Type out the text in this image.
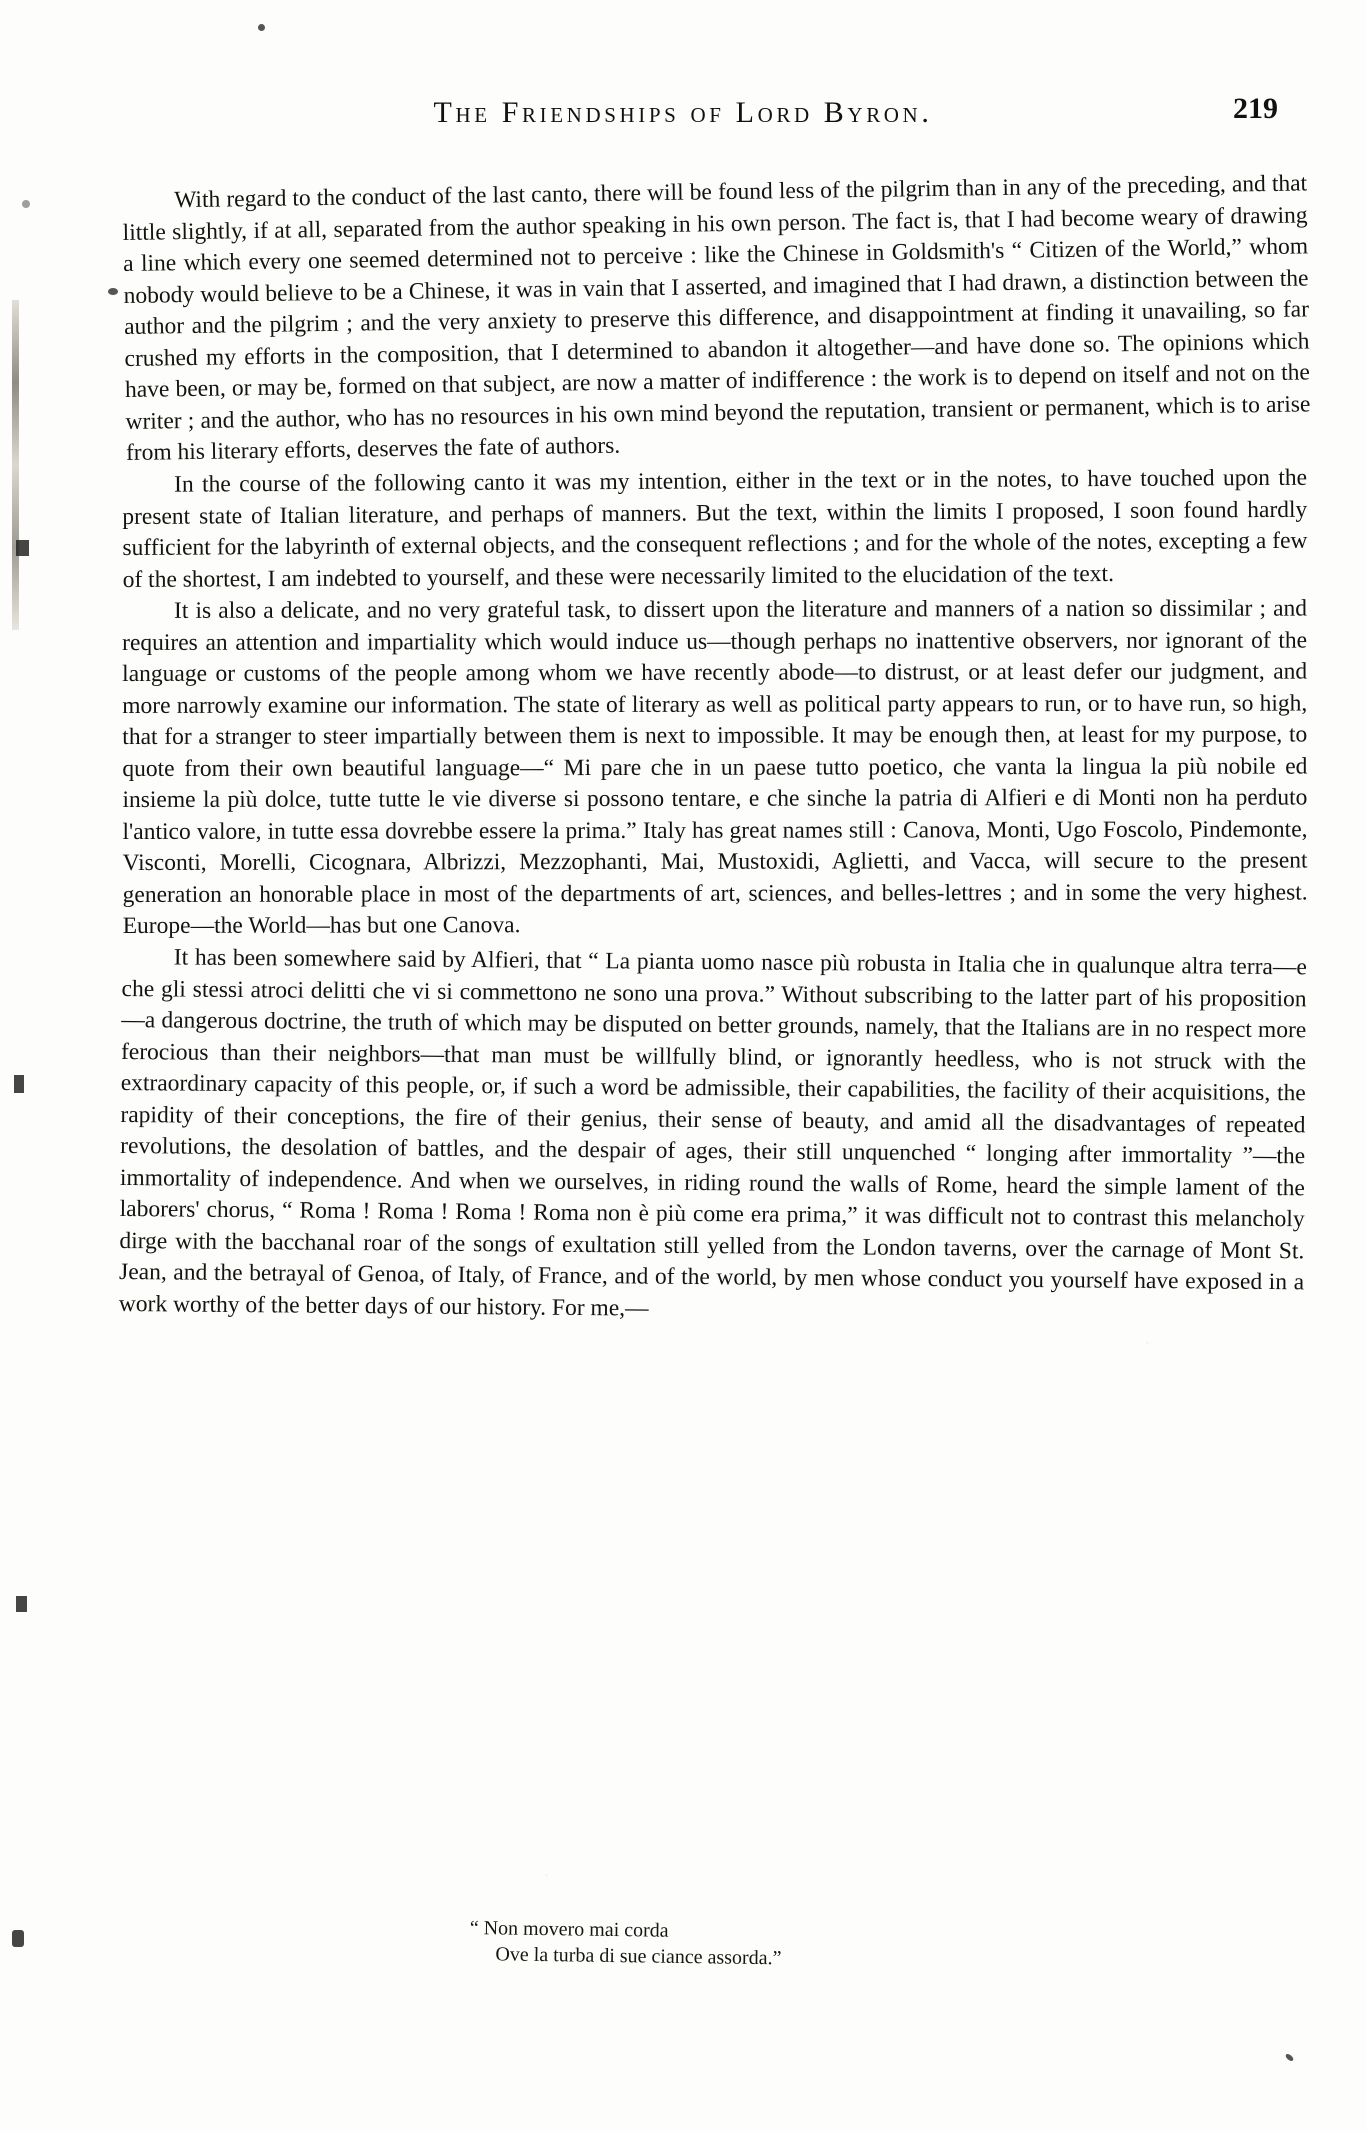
The Friendships of Lord Byron.	219

With regard to the conduct of the last canto, there will be found less of the pilgrim than in any of the preceding, and that little slightly, if at all, separated from the author speaking in his own person. The fact is, that I had become weary of drawing a line which every one seemed determined not to perceive : like the Chinese in Goldsmith's “ Citizen of the World,” whom nobody would believe to be a Chinese, it was in vain that I asserted, and imagined that I had drawn, a distinction between the author and the pilgrim ; and the very anxiety to preserve this difference, and disappointment at finding it unavailing, so far crushed my efforts in the composition, that I determined to abandon it altogether—and have done so. The opinions which have been, or may be, formed on that subject, are now a matter of indifference : the work is to depend on itself and not on the writer ; and the author, who has no resources in his own mind beyond the reputation, transient or permanent, which is to arise from his literary efforts, deserves the fate of authors.

In the course of the following canto it was my intention, either in the text or in the notes, to have touched upon the present state of Italian literature, and perhaps of manners. But the text, within the limits I proposed, I soon found hardly sufficient for the labyrinth of external objects, and the consequent reflections ; and for the whole of the notes, excepting a few of the shortest, I am indebted to yourself, and these were necessarily limited to the elucidation of the text.

It is also a delicate, and no very grateful task, to dissert upon the literature and manners of a nation so dissimilar ; and requires an attention and impartiality which would induce us—though perhaps no inattentive observers, nor ignorant of the language or customs of the people among whom we have recently abode—to distrust, or at least defer our judgment, and more narrowly examine our information. The state of literary as well as political party appears to run, or to have run, so high, that for a stranger to steer impartially between them is next to impossible. It may be enough then, at least for my purpose, to quote from their own beautiful language—“ Mi pare che in un paese tutto poetico, che vanta la lingua la più nobile ed insieme la più dolce, tutte tutte le vie diverse si possono tentare, e che sinche la patria di Alfieri e di Monti non ha perduto l'antico valore, in tutte essa dovrebbe essere la prima.” Italy has great names still : Canova, Monti, Ugo Foscolo, Pindemonte, Visconti, Morelli, Cicognara, Albrizzi, Mezzophanti, Mai, Mustoxidi, Aglietti, and Vacca, will secure to the present generation an honorable place in most of the departments of art, sciences, and belles-lettres ; and in some the very highest. Europe—the World—has but one Canova.

It has been somewhere said by Alfieri, that “ La pianta uomo nasce più robusta in Italia che in qualunque altra terra—e che gli stessi atroci delitti che vi si commettono ne sono una prova.” Without subscribing to the latter part of his proposition—a dangerous doctrine, the truth of which may be disputed on better grounds, namely, that the Italians are in no respect more ferocious than their neighbors—that man must be willfully blind, or ignorantly heedless, who is not struck with the extraordinary capacity of this people, or, if such a word be admissible, their capabilities, the facility of their acquisitions, the rapidity of their conceptions, the fire of their genius, their sense of beauty, and amid all the disadvantages of repeated revolutions, the desolation of battles, and the despair of ages, their still unquenched “ longing after immortality ”—the immortality of independence. And when we ourselves, in riding round the walls of Rome, heard the simple lament of the laborers' chorus, “ Roma ! Roma ! Roma ! Roma non è più come era prima,” it was difficult not to contrast this melancholy dirge with the bacchanal roar of the songs of exultation still yelled from the London taverns, over the carnage of Mont St. Jean, and the betrayal of Genoa, of Italy, of France, and of the world, by men whose conduct you yourself have exposed in a work worthy of the better days of our history. For me,—

“ Non movero mai corda
Ove la turba di sue ciance assorda.”
